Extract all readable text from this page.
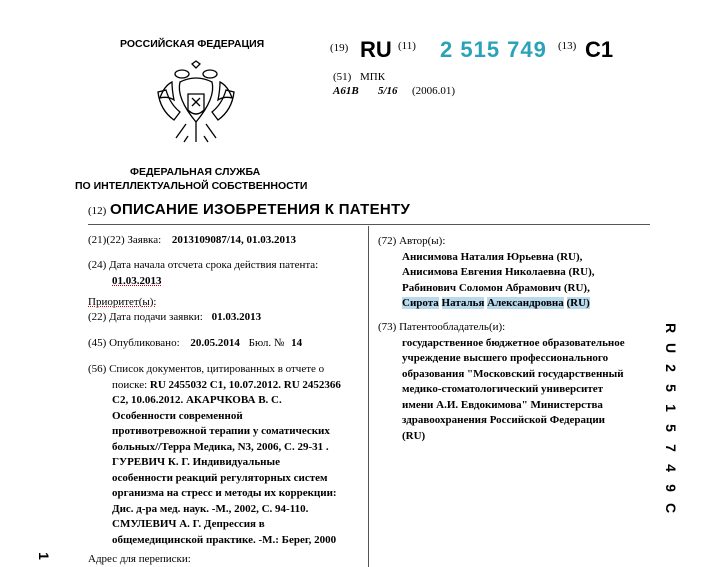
РОССИЙСКАЯ ФЕДЕРАЦИЯ	(19) RU (11) 2 515 749 (13) C1
(51) МПК
A61B 5/16 (2006.01)
ФЕДЕРАЛЬНАЯ СЛУЖБА
ПО ИНТЕЛЛЕКТУАЛЬНОЙ СОБСТВЕННОСТИ
(12) ОПИСАНИЕ ИЗОБРЕТЕНИЯ К ПАТЕНТУ
(21)(22) Заявка: 2013109087/14, 01.03.2013
(24) Дата начала отсчета срока действия патента:
01.03.2013
Приоритет(ы):
(22) Дата подачи заявки: 01.03.2013
(45) Опубликовано: 20.05.2014 Бюл. № 14
(56) Список документов, цитированных в отчете о
поиске: RU 2455032 C1, 10.07.2012. RU 2452366
C2, 10.06.2012. АКАРЧКОВА В. С.
Особенности современной
противотревожной терапии у соматических
больных//Терра Медика, N3, 2006, С. 29-31 .
ГУРЕВИЧ К. Г. Индивидуальные
особенности реакций регуляторных систем
организма на стресс и методы их коррекции:
Дис. д-ра мед. наук. -М., 2002, С. 94-110.
СМУЛЕВИЧ А. Г. Депрессия в
общемедицинской практике. -М.: Берег, 2000
Адрес для переписки:
(72) Автор(ы):
Анисимова Наталия Юрьевна (RU),
Анисимова Евгения Николаевна (RU),
Рабинович Соломон Абрамович (RU),
Сирота Наталья Александровна (RU)
(73) Патентообладатель(и):
государственное бюджетное образовательное
учреждение высшего профессионального
образования "Московский государственный
медико-стоматологический университет
имени А.И. Евдокимова" Министерства
здравоохранения Российской Федерации
(RU)
R
U
2
5
1
5
7
4
9
C
1
